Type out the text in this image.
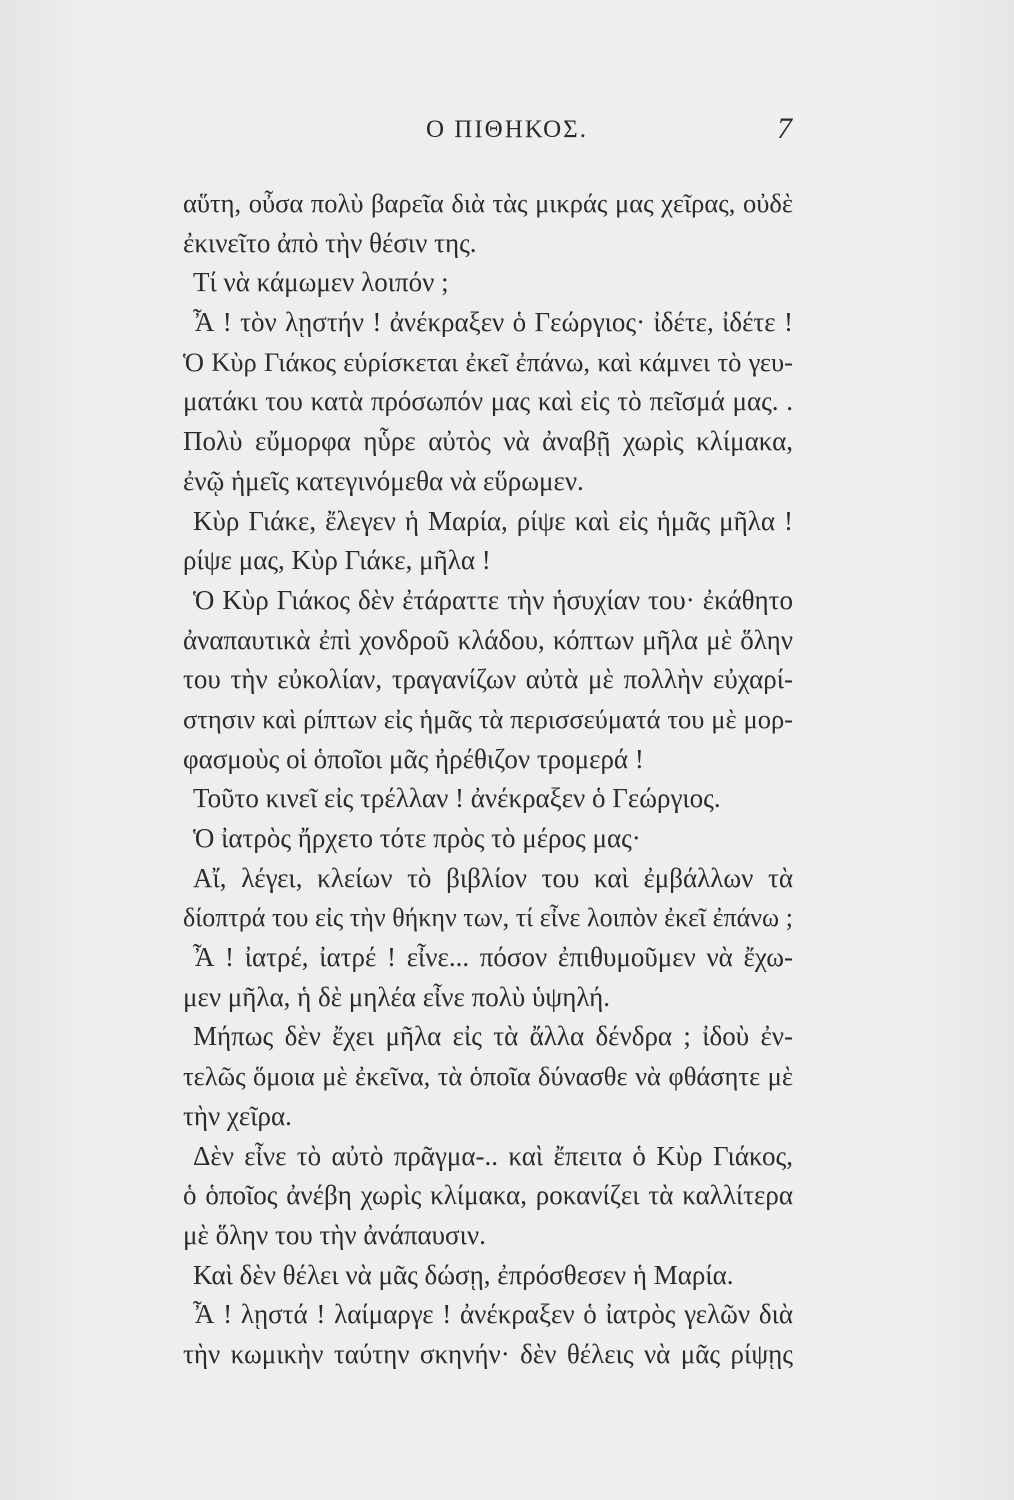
Ο ΠΙΘΗΚΟΣ.	7
αὕτη, οὖσα πολὺ βαρεῖα διὰ τὰς μικράς μας χεῖρας, οὐδὲ
ἐκινεῖτο ἀπὸ τὴν θέσιν της.
Τί νὰ κάμωμεν λοιπόν ;
Ἆ ! τὸν λῃστήν ! ἀνέκραξεν ὁ Γεώργιος· ἰδέτε, ἰδέτε !
Ὁ Κὺρ Γιάκος εὑρίσκεται ἐκεῖ ἐπάνω, καὶ κάμνει τὸ γευ-
ματάκι του κατὰ πρόσωπόν μας καὶ εἰς τὸ πεῖσμά μας. .
Πολὺ εὔμορφα ηὗρε αὐτὸς νὰ ἀναβῇ χωρὶς κλίμακα,
ἐνῷ ἡμεῖς κατεγινόμεθα νὰ εὕρωμεν.
Κὺρ Γιάκε, ἔλεγεν ἡ Μαρία, ρίψε καὶ εἰς ἡμᾶς μῆλα !
ρίψε μας, Κὺρ Γιάκε, μῆλα !
Ὁ Κὺρ Γιάκος δὲν ἐτάραττε τὴν ἡσυχίαν του· ἐκάθητο
ἀναπαυτικὰ ἐπὶ χονδροῦ κλάδου, κόπτων μῆλα μὲ ὅλην
του τὴν εὐκολίαν, τραγανίζων αὐτὰ μὲ πολλὴν εὐχαρί-
στησιν καὶ ρίπτων εἰς ἡμᾶς τὰ περισσεύματά του μὲ μορ-
φασμοὺς οἱ ὁποῖοι μᾶς ἠρέθιζον τρομερά !
Τοῦτο κινεῖ εἰς τρέλλαν ! ἀνέκραξεν ὁ Γεώργιος.
Ὁ ἰατρὸς ἤρχετο τότε πρὸς τὸ μέρος μας·
Αἴ, λέγει, κλείων τὸ βιβλίον του καὶ ἐμβάλλων τὰ
δίοπτρά του εἰς τὴν θήκην των, τί εἶνε λοιπὸν ἐκεῖ ἐπάνω ;
Ἆ ! ἰατρέ, ἰατρέ ! εἶνε... πόσον ἐπιθυμοῦμεν νὰ ἔχω-
μεν μῆλα, ἡ δὲ μηλέα εἶνε πολὺ ὑψηλή.
Μήπως δὲν ἔχει μῆλα εἰς τὰ ἄλλα δένδρα ; ἰδοὺ ἐν-
τελῶς ὅμοια μὲ ἐκεῖνα, τὰ ὁποῖα δύνασθε νὰ φθάσητε μὲ
τὴν χεῖρα.
Δὲν εἶνε τὸ αὐτὸ πρᾶγμα-.. καὶ ἔπειτα ὁ Κὺρ Γιάκος,
ὁ ὁποῖος ἀνέβη χωρὶς κλίμακα, ροκανίζει τὰ καλλίτερα
μὲ ὅλην του τὴν ἀνάπαυσιν.
Καὶ δὲν θέλει νὰ μᾶς δώσῃ, ἐπρόσθεσεν ἡ Μαρία.
Ἆ ! λῃστά ! λαίμαργε ! ἀνέκραξεν ὁ ἰατρὸς γελῶν διὰ
τὴν κωμικὴν ταύτην σκηνήν· δὲν θέλεις νὰ μᾶς ρίψῃς
